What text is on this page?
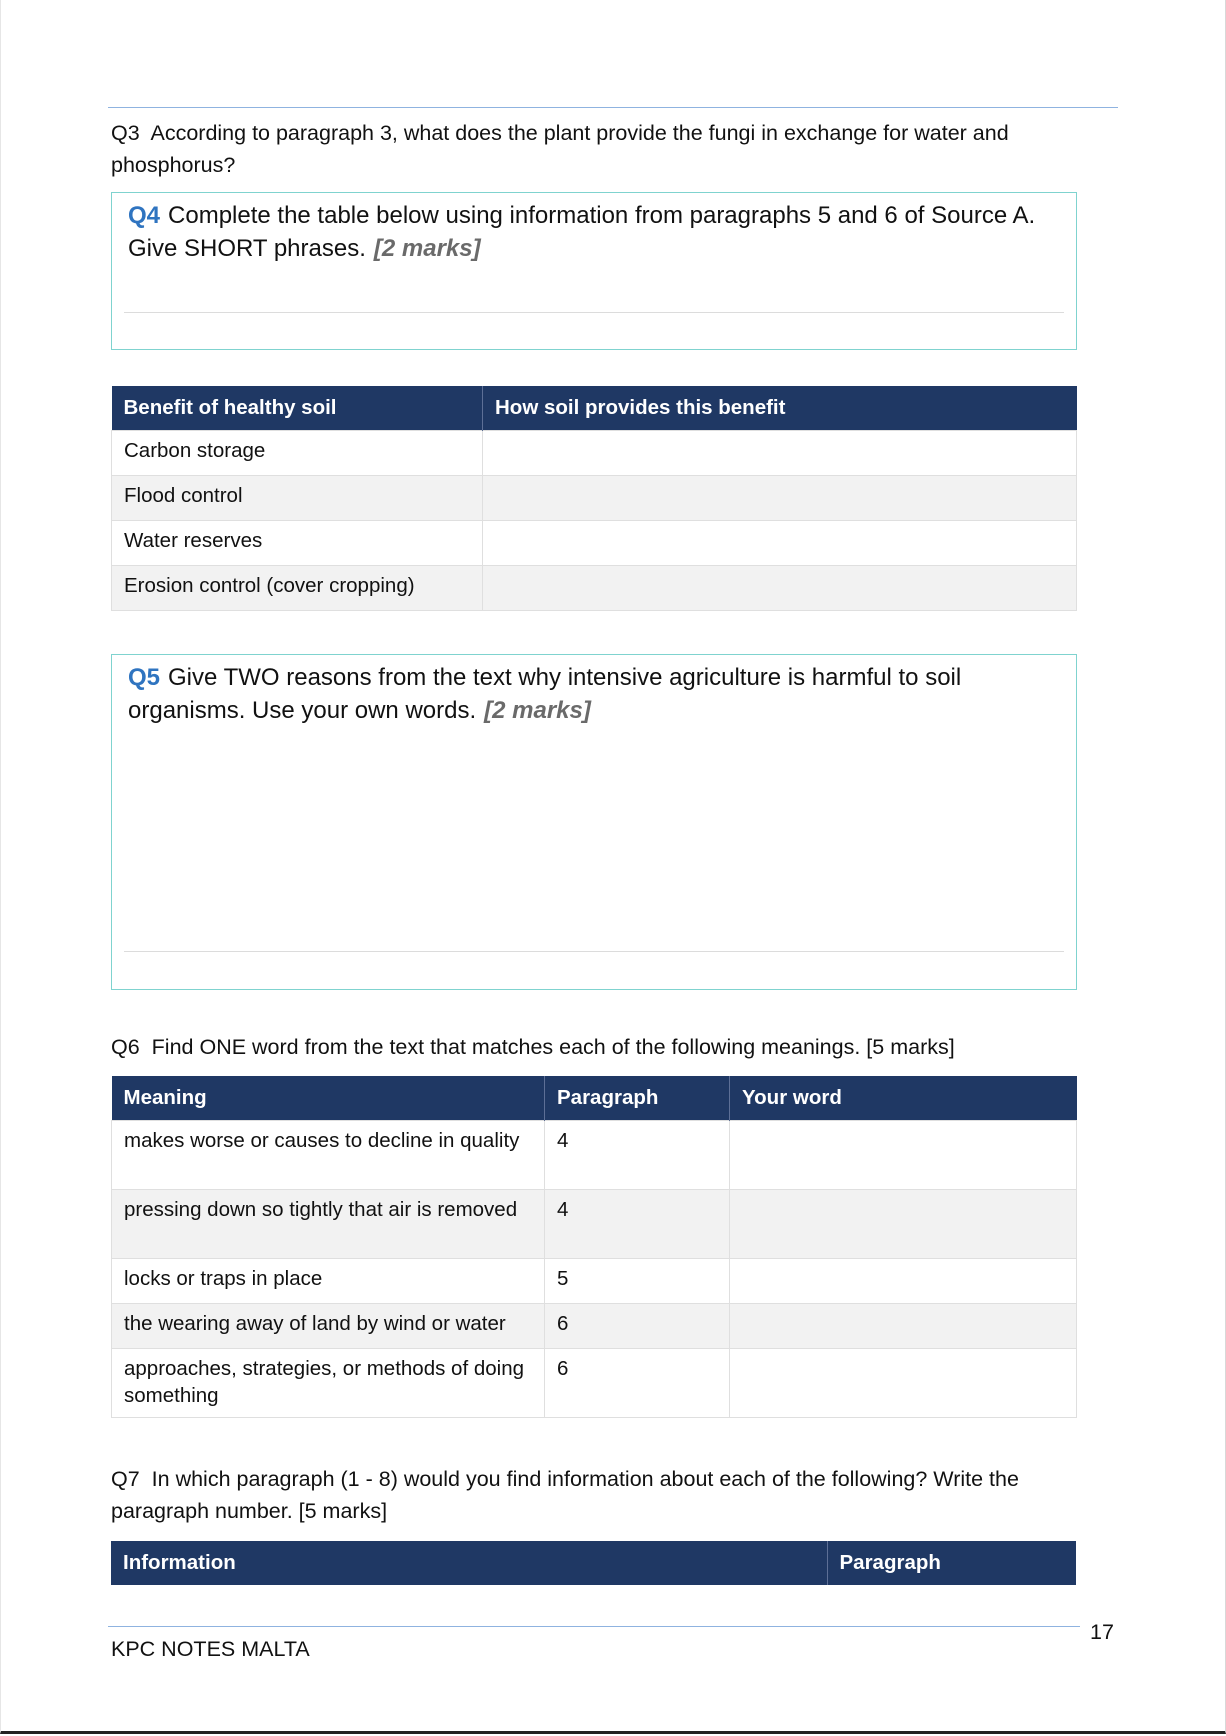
Q3 According to paragraph 3, what does the plant provide the fungi in exchange for water and phosphorus?
Q4 Complete the table below using information from paragraphs 5 and 6 of Source A. Give SHORT phrases. [2 marks]
Benefit of healthy soil	How soil provides this benefit
Carbon storage	
Flood control	
Water reserves	
Erosion control (cover cropping)	
Q5 Give TWO reasons from the text why intensive agriculture is harmful to soil organisms. Use your own words. [2 marks]
Q6 Find ONE word from the text that matches each of the following meanings. [5 marks]
Meaning	Paragraph	Your word
makes worse or causes to decline in quality	4	
pressing down so tightly that air is removed	4	
locks or traps in place	5	
the wearing away of land by wind or water	6	
approaches, strategies, or methods of doing something	6	
Q7 In which paragraph (1 - 8) would you find information about each of the following? Write the paragraph number. [5 marks]
Information	Paragraph
KPC NOTES MALTA
17
